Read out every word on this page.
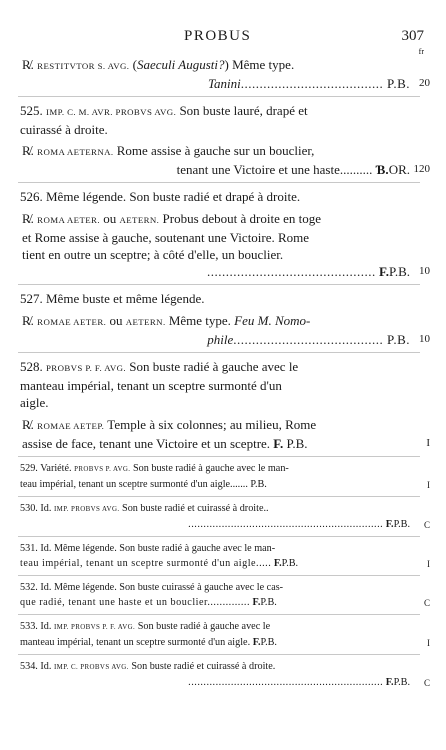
PROBUS	307
fr
R̸. RESTITVTOR S. AVG. (Saeculi Augusti?) Même type.
Tanini...................................... P.B. 20
525. IMP. C. M. AVR. PROBVS AVG. Son buste lauré, drapé et
cuirassé à droite.
R̸. ROMA AETERNA. Rome assise à gauche sur un bouclier,
tenant une Victoire et une haste.......... Ɓ.OR. 120
526. Même légende. Son buste radié et drapé à droite.
R̸. ROMA AETER. ou AETERN. Probus debout à droite en toge
et Rome assise à gauche, soutenant une Victoire. Rome
tient en outre un sceptre; à côté d'elle, un bouclier.
............................................. F.P.B. 10
527. Même buste et même légende.
R̸. ROMAE AETER. ou AETERN. Même type. Feu M. Nomo-
phile........................................ P.B. 10
528. PROBVS P. F. AVG. Son buste radié à gauche avec le
manteau impérial, tenant un sceptre surmonté d'un
aigle.
R̸. ROMAE AETEP. Temple à six colonnes; au milieu, Rome
assise de face, tenant une Victoire et un sceptre. F. P.B.	I
529. Variété. PROBVS P. AVG. Son buste radié à gauche avec le man-
teau impérial, tenant un sceptre surmonté d'un aigle....... P.B.	I
530. Id. IMP. PROBVS AVG. Son buste radié et cuirassé à droite..
................................................................ F.P.B.	C
531. Id. Même légende. Son buste radié à gauche avec le man-
teau impérial, tenant un sceptre surmonté d'un aigle..... F.P.B.	I
532. Id. Même légende. Son buste cuirassé à gauche avec le cas-
que radié, tenant une haste et un bouclier.............. F.P.B.	C
533. Id. IMP. PROBVS P. F. AVG. Son buste radié à gauche avec le
manteau impérial, tenant un sceptre surmonté d'un aigle. F.P.B.	I
534. Id. IMP. C. PROBVS AVG. Son buste radié et cuirassé à droite.
................................................................ F.P.B.	C
